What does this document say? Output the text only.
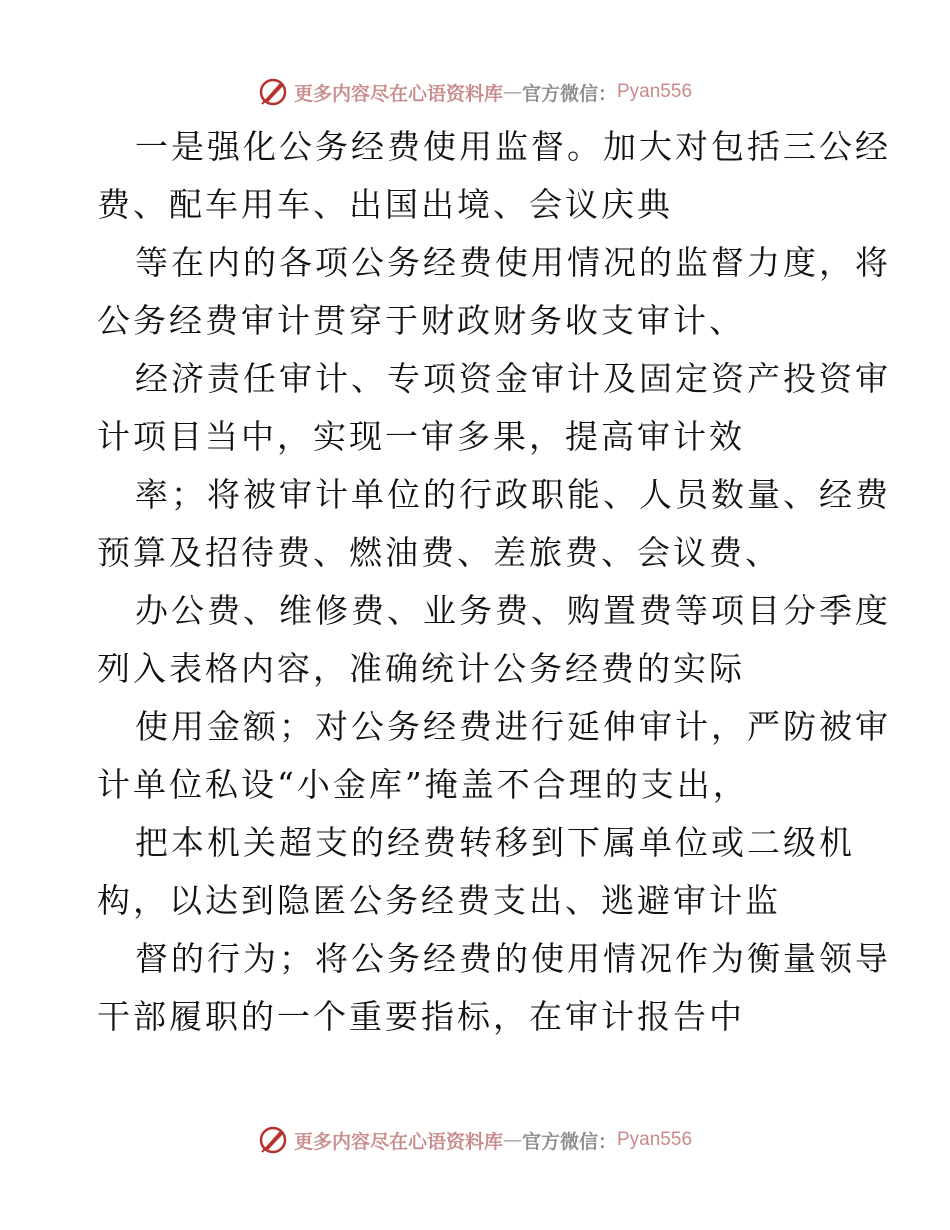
更多内容尽在心语资料库 — 官方微信： Pyan556

一是强化公务经费使用监督。加大对包括三公经
费、配车用车、出国出境、会议庆典

等在内的各项公务经费使用情况的监督力度，将
公务经费审计贯穿于财政财务收支审计、

经济责任审计、专项资金审计及固定资产投资审
计项目当中，实现一审多果，提高审计效

率；将被审计单位的行政职能、人员数量、经费
预算及招待费、燃油费、差旅费、会议费、

办公费、维修费、业务费、购置费等项目分季度
列入表格内容，准确统计公务经费的实际

使用金额；对公务经费进行延伸审计，严防被审
计单位私设“小金库”掩盖不合理的支出，

把本机关超支的经费转移到下属单位或二级机
构，以达到隐匿公务经费支出、逃避审计监

督的行为；将公务经费的使用情况作为衡量领导
干部履职的一个重要指标，在审计报告中

更多内容尽在心语资料库 — 官方微信： Pyan556
